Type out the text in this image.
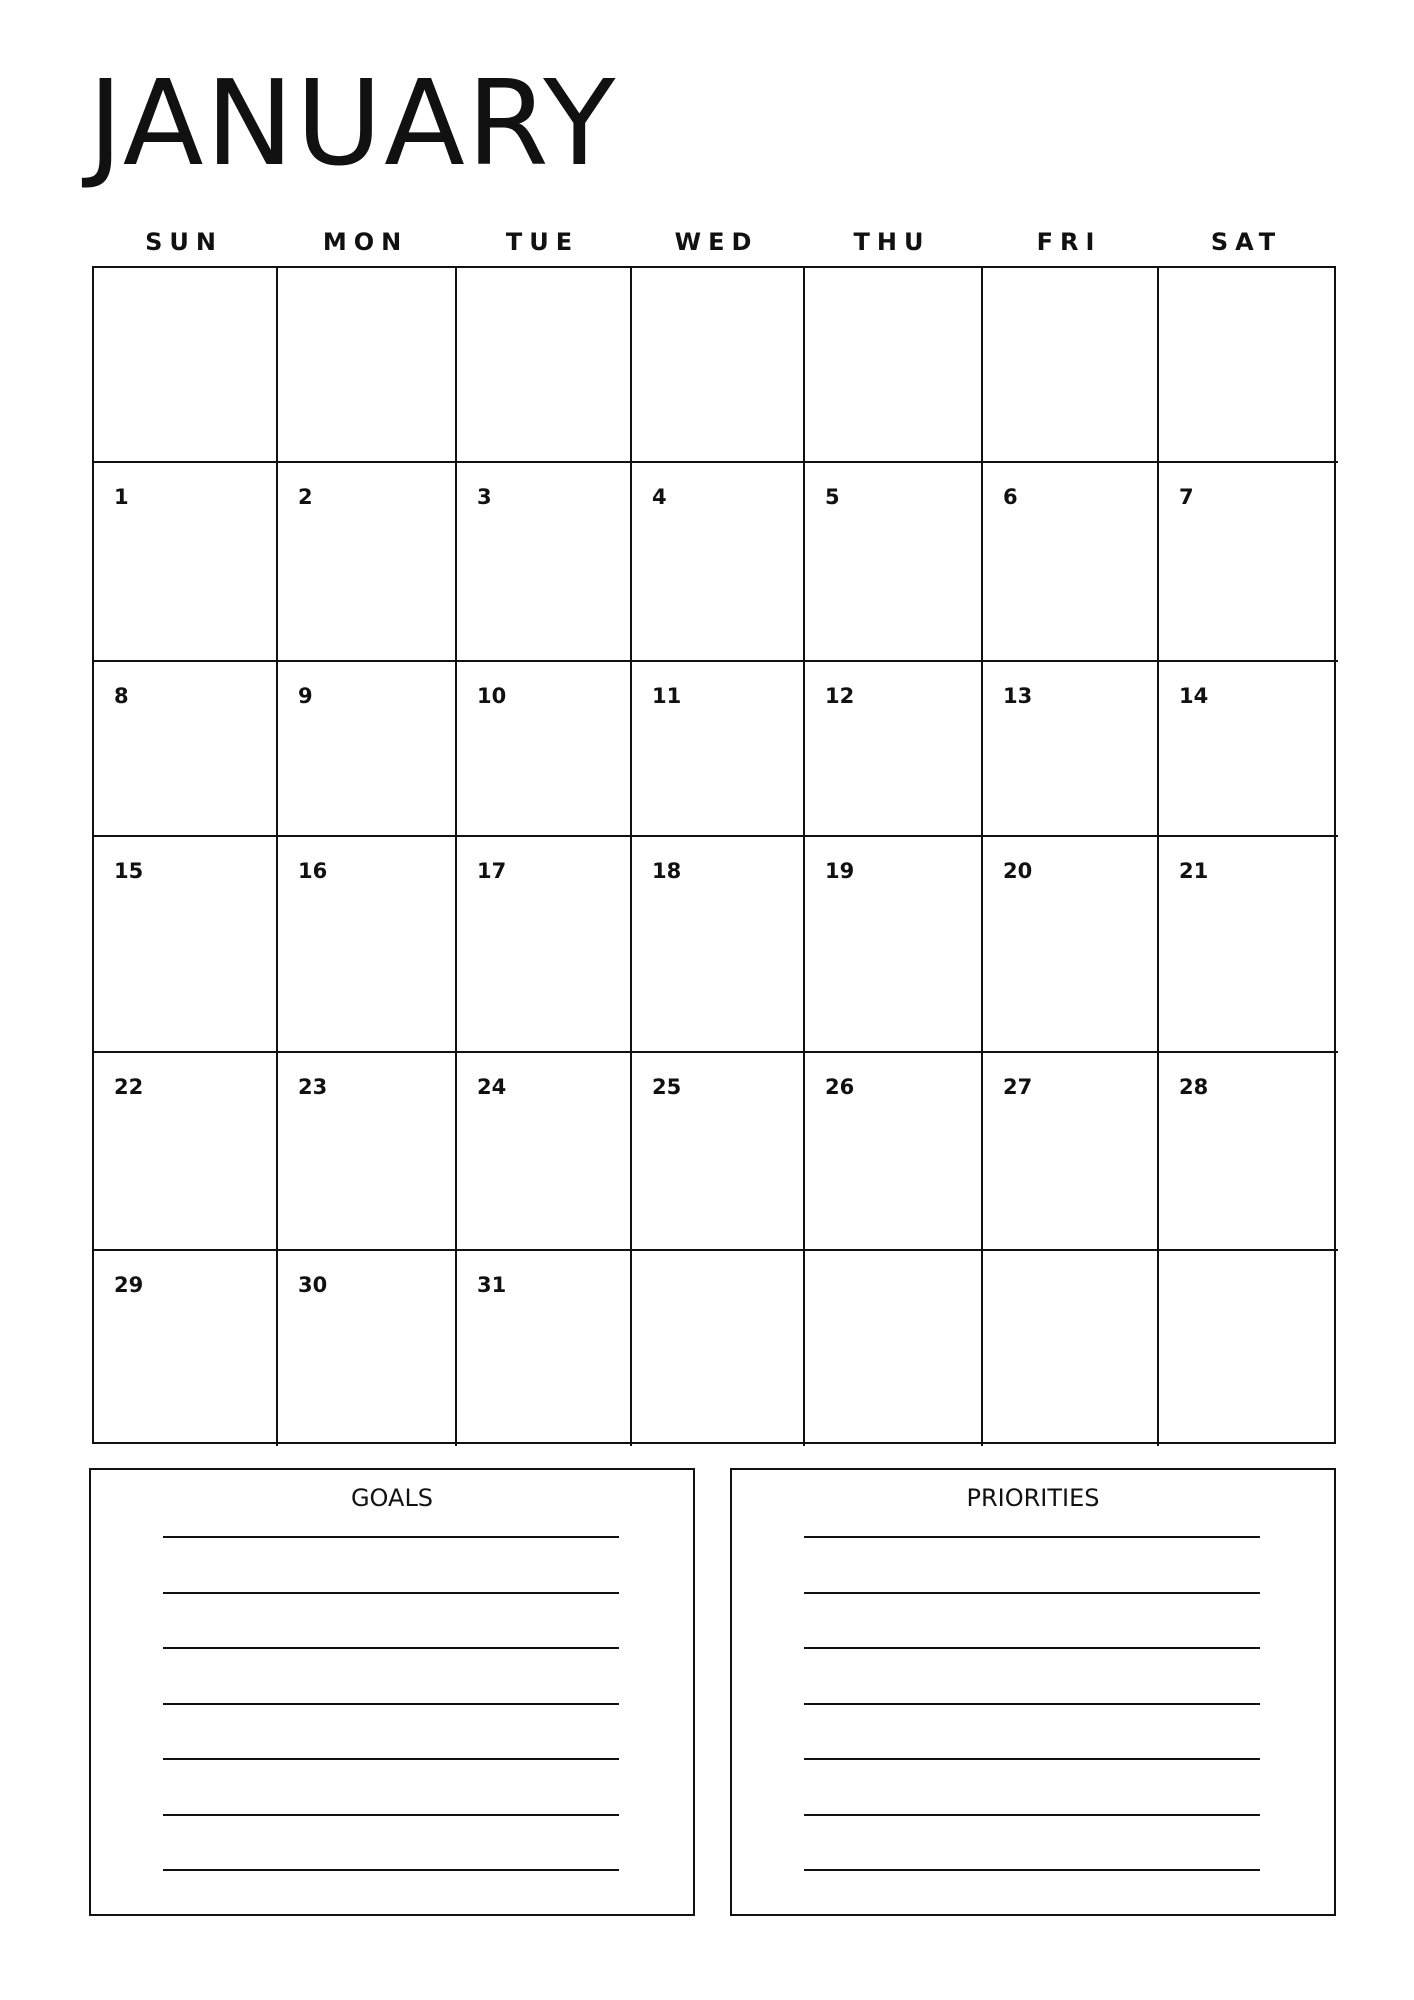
JANUARY
SUN	MON	TUE	WED	THU	FRI	SAT
1	2	3	4	5	6	7
8	9	10	11	12	13	14
15	16	17	18	19	20	21
22	23	24	25	26	27	28
29	30	31
GOALS	PRIORITIES
